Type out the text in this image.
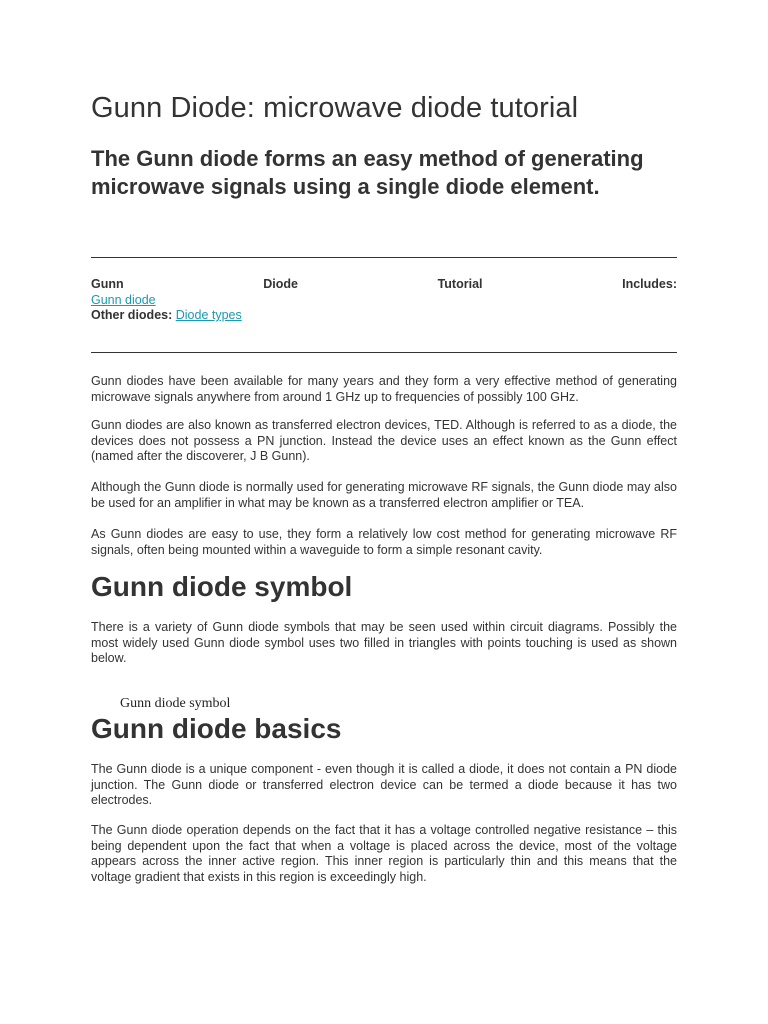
Gunn Diode: microwave diode tutorial
The Gunn diode forms an easy method of generating microwave signals using a single diode element.
Gunn	Diode	Tutorial	Includes:
Gunn diode
Other diodes: Diode types

Gunn diodes have been available for many years and they form a very effective method of generating microwave signals anywhere from around 1 GHz up to frequencies of possibly 100 GHz.

Gunn diodes are also known as transferred electron devices, TED. Although is referred to as a diode, the devices does not possess a PN junction. Instead the device uses an effect known as the Gunn effect (named after the discoverer, J B Gunn).

Although the Gunn diode is normally used for generating microwave RF signals, the Gunn diode may also be used for an amplifier in what may be known as a transferred electron amplifier or TEA.

As Gunn diodes are easy to use, they form a relatively low cost method for generating microwave RF signals, often being mounted within a waveguide to form a simple resonant cavity.

Gunn diode symbol

There is a variety of Gunn diode symbols that may be seen used within circuit diagrams. Possibly the most widely used Gunn diode symbol uses two filled in triangles with points touching is used as shown below.

Gunn diode symbol
Gunn diode basics

The Gunn diode is a unique component - even though it is called a diode, it does not contain a PN diode junction. The Gunn diode or transferred electron device can be termed a diode because it has two electrodes.

The Gunn diode operation depends on the fact that it has a voltage controlled negative resistance – this being dependent upon the fact that when a voltage is placed across the device, most of the voltage appears across the inner active region. This inner region is particularly thin and this means that the voltage gradient that exists in this region is exceedingly high.
